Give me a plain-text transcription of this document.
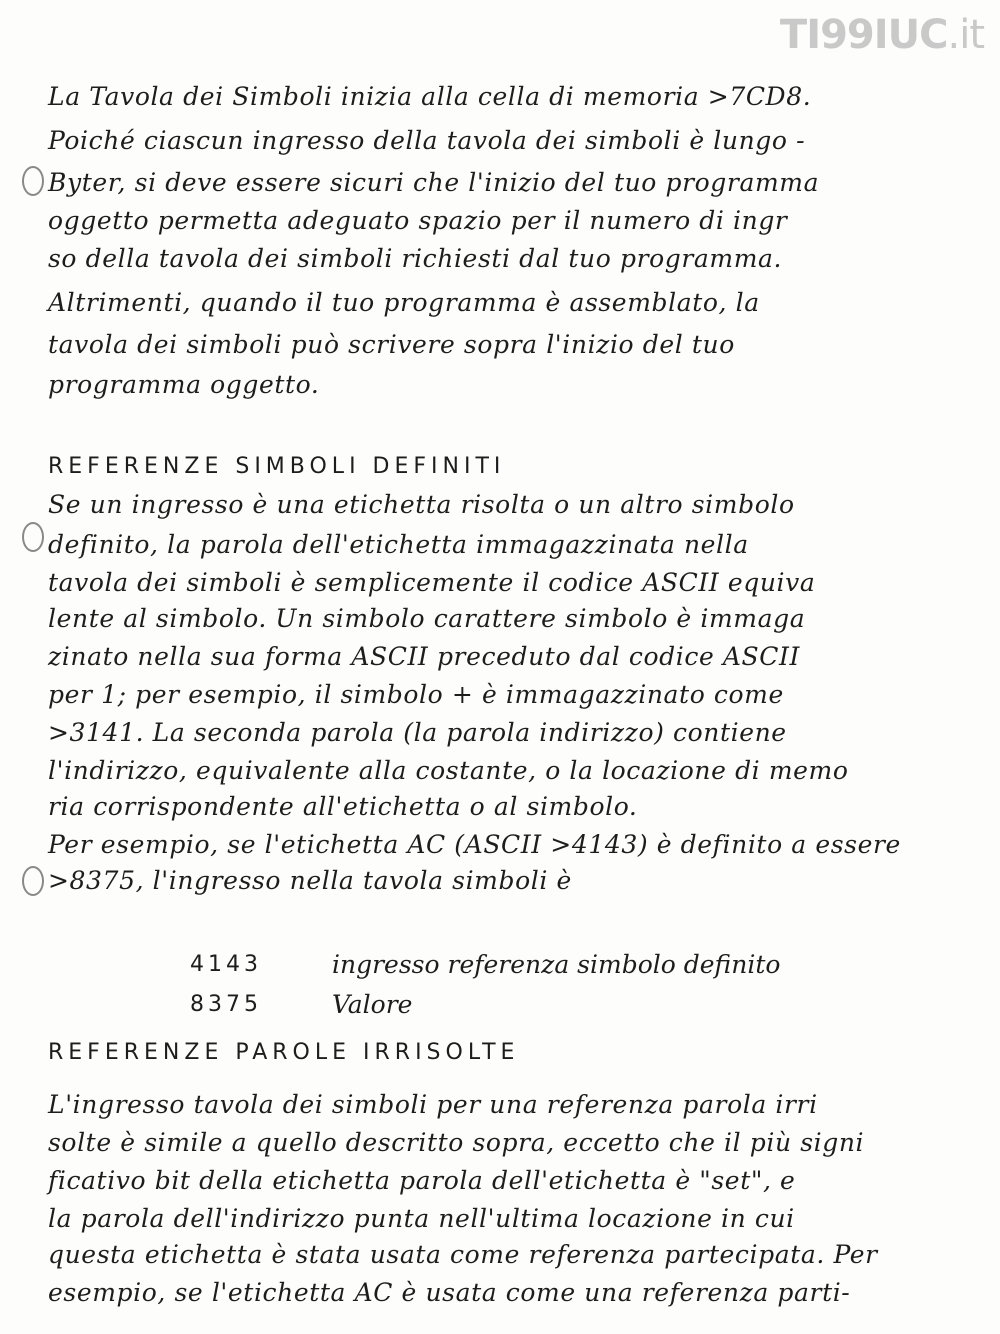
TI99IUC.it
La Tavola dei Simboli inizia alla cella di memoria >7CD8.
Poiché ciascun ingresso della tavola dei simboli è lungo -
Byter, si deve essere sicuri che l'inizio del tuo programma
oggetto permetta adeguato spazio per il numero di ingr
so della tavola dei simboli richiesti dal tuo programma.
Altrimenti, quando il tuo programma è assemblato, la
tavola dei simboli può scrivere sopra l'inizio del tuo
programma oggetto.
REFERENZE SIMBOLI DEFINITI
Se un ingresso è una etichetta risolta o un altro simbolo
definito, la parola dell'etichetta immagazzinata nella
tavola dei simboli è semplicemente il codice ASCII equiva
lente al simbolo. Un simbolo carattere simbolo è immaga
zinato nella sua forma ASCII preceduto dal codice ASCII
per 1; per esempio, il simbolo + è immagazzinato come
>3141. La seconda parola (la parola indirizzo) contiene
l'indirizzo, equivalente alla costante, o la locazione di memo
ria corrispondente all'etichetta o al simbolo.
Per esempio, se l'etichetta AC (ASCII >4143) è definito a essere
>8375, l'ingresso nella tavola simboli è
4143	ingresso referenza simbolo definito
8375	Valore
REFERENZE PAROLE IRRISOLTE
L'ingresso tavola dei simboli per una referenza parola irri
solte è simile a quello descritto sopra, eccetto che il più signi
ficativo bit della etichetta parola dell'etichetta è "set", e
la parola dell'indirizzo punta nell'ultima locazione in cui
questa etichetta è stata usata come referenza partecipata. Per
esempio, se l'etichetta AC è usata come una referenza parti-
